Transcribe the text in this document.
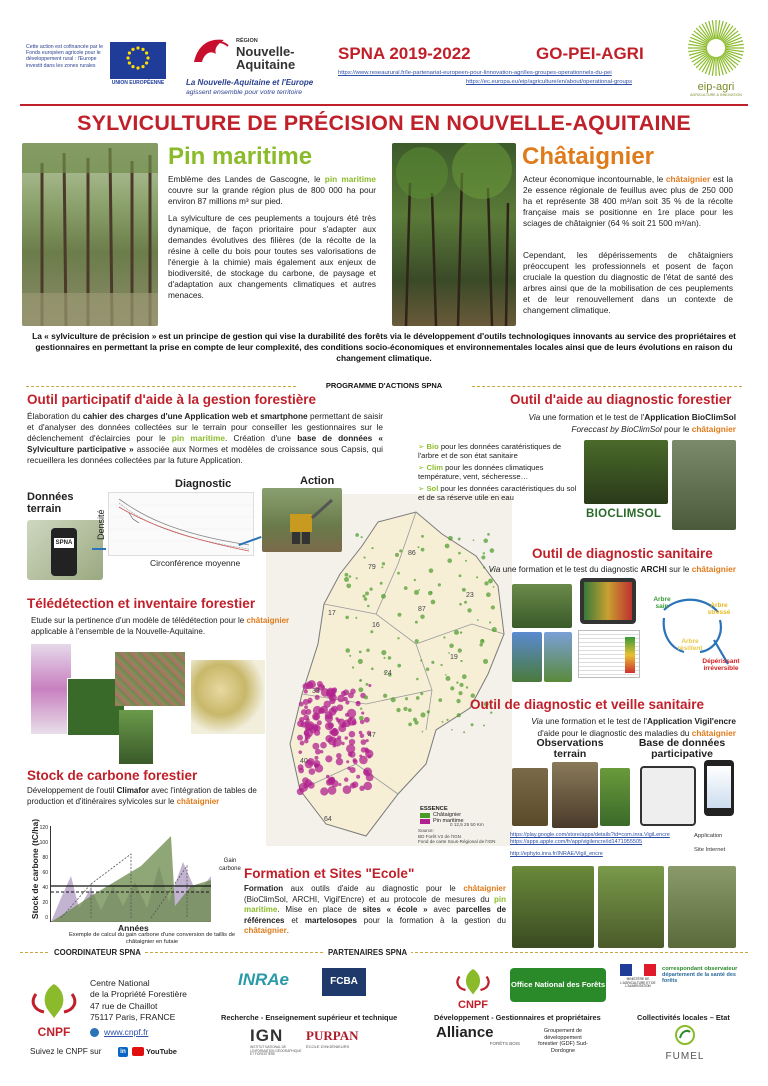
Cette action est cofinancée par le Fonds européen agricole pour le développement rural : l'Europe investit dans les zones rurales
UNION EUROPÉENNE
RÉGION
Nouvelle-
Aquitaine
La Nouvelle-Aquitaine et l'Europe
agissent ensemble pour votre territoire
SPNA 2019-2022	GO-PEI-AGRI
https://www.reseaurural.fr/le-partenariat-europeen-pour-linnovation-agri/les-groupes-operationnels-du-pei
https://ec.europa.eu/eip/agriculture/en/about/operational-groups	eip-agri
AGRICULTURE & INNOVATION
SYLVICULTURE DE PRÉCISION EN NOUVELLE-AQUITAINE
Pin maritime
Emblème des Landes de Gascogne, le pin maritime couvre sur la grande région plus de 800 000 ha pour environ 87 millions m³ sur pied.
La sylviculture de ces peuplements a toujours été très dynamique, de façon prioritaire pour s'adapter aux demandes évolutives des filières (de la récolte de la résine à celle du bois pour toutes ses valorisations de l'énergie à la chimie) mais également aux enjeux de biodiversité, de stockage du carbone, de paysage et d'adaptation aux changements climatiques et autres menaces.
Châtaignier
Acteur économique incontournable, le châtaignier est la 2e essence régionale de feuillus avec plus de 250 000 ha et représente 38 400 m³/an soit 35 % de la récolte française mais se positionne en 1re place pour les sciages de châtaignier (64 % soit 21 500 m³/an).
Cependant, les dépérissements de châtaigniers préoccupent les professionnels et posent de façon cruciale la question du diagnostic de l'état de santé des arbres ainsi que de la mobilisation de ces peuplements et de leur renouvellement dans un contexte de changement climatique.
La « sylviculture de précision » est un principe de gestion qui vise la durabilité des forêts via le développement d'outils technologiques innovants au service des propriétaires et gestionnaires en permettant la prise en compte de leur complexité, des conditions socio-économiques et environnementales locales ainsi que de leurs évolutions en raison du changement climatique.
PROGRAMME D'ACTIONS SPNA
86
79
17
16
87
23
19
24
33
47
40
64
ESSENCE
Châtaignier
Pin maritime
Source:
BD Forêt V2 de l'IGN
Fond de carte Sous-Régional de l'IGN
0 12,5 25 50 Km
Outil participatif d'aide à la gestion forestière
Élaboration du cahier des charges d'une Application web et smartphone permettant de saisir et d'analyser des données collectées sur le terrain pour conseiller les gestionnaires sur le déclenchement d'éclaircies pour le pin maritime. Création d'une base de données « Sylviculture participative » associée aux Normes et modèles de croissance sous Capsis, qui recueillera les données collectées par la future Application.
Données terrain
SPNA
Diagnostic	Action
Densité
Circonférence moyenne
Télédétection et inventaire forestier
Etude sur la pertinence d'un modèle de télédétection pour le châtaignier applicable à l'ensemble de la Nouvelle-Aquitaine.
Stock de carbone forestier
Développement de l'outil Climafor avec l'intégration de tables de production et d'itinéraires sylvicoles sur le châtaignier
Stock de carbone (tC/ha) 120
100
80
60
40
20
0
Années
Gain carbone
Exemple de calcul du gain carbone d'une conversion de taillis de châtaignier en futaie
Outil d'aide au diagnostic forestier
Via une formation et le test de l'Application BioClimSol
Foreccast by BioClimSol pour le châtaignier
➢ Bio pour les données caratéristiques de l'arbre et de son état sanitaire
➢ Clim pour les données climatiques température, vent, sécheresse…
➢ Sol pour les données caractéristiques du sol et de sa réserve utile en eau
BIOCLIMSOL
Outil de diagnostic sanitaire
Via une formation et le test du diagnostic ARCHI sur le châtaignier
Arbre sain	Arbre stressé
Arbre résilient
Dépérissant irréversible
Outil de diagnostic et veille sanitaire
Via une formation et le test de l'Application Vigil'encre
d'aide pour le diagnostic des maladies du châtaignier
Observations terrain
Base de données participative
https://play.google.com/store/apps/details?id=com.inra.VigiLencre
https://apps.apple.com/fr/app/vigilencre/id1471955505
http://ephyto.inra.fr/INRAE/Vigil_encre
Application
Site Internet
Formation et Sites "Ecole"
Formation aux outils d'aide au diagnostic pour le châtaignier (BioClimSol, ARCHI, Vigil'Encre) et au protocole de mesures du pin maritime. Mise en place de sites « école » avec parcelles de références et martelosopes pour la formation à la gestion du châtaignier.
COORDINATEUR SPNA	PARTENAIRES SPNA
CNPF
Centre National
de la Propriété Forestière
47 rue de Chaillot
75117 Paris, FRANCE
www.cnpf.fr
Suivez le CNPF sur	in	YouTube
INRAe	FCBA
Recherche - Enseignement supérieur et technique
IGN
INSTITUT NATIONAL DE L'INFORMATION GÉOGRAPHIQUE ET FORESTIÈRE
PURPAN
ÉCOLE D'INGÉNIEURS
CNPF
Office National des Forêts
Développement - Gestionnaires et propriétaires
Alliance
FORÊTS BOIS
Groupement de développement forestier (GDF) Sud-Dordogne
MINISTÈRE DE L'AGRICULTURE ET DE L'ALIMENTATION
correspondant observateur
département de la santé des forêts
Collectivités locales – Etat
FUMEL
